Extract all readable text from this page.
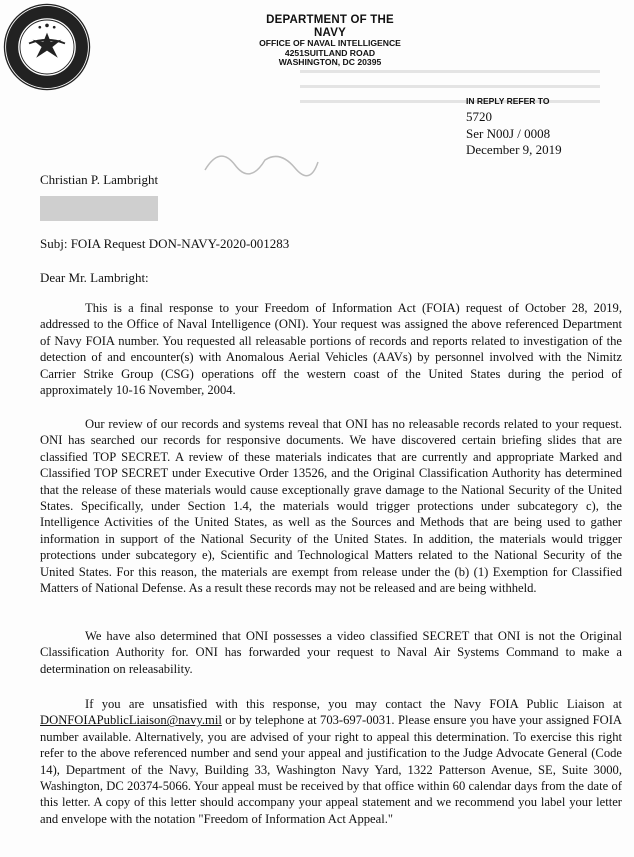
DEPARTMENT OF THE NAVY
OFFICE OF NAVAL INTELLIGENCE
4251SUITLAND ROAD
WASHINGTON, DC 20395
IN REPLY REFER TO
5720
Ser N00J / 0008
December 9, 2019
Christian P. Lambright
Subj: FOIA Request DON-NAVY-2020-001283
Dear Mr. Lambright:

This is a final response to your Freedom of Information Act (FOIA) request of October 28, 2019, addressed to the Office of Naval Intelligence (ONI). Your request was assigned the above referenced Department of Navy FOIA number. You requested all releasable portions of records and reports related to investigation of the detection of and encounter(s) with Anomalous Aerial Vehicles (AAVs) by personnel involved with the Nimitz Carrier Strike Group (CSG) operations off the western coast of the United States during the period of approximately 10-16 November, 2004.

Our review of our records and systems reveal that ONI has no releasable records related to your request. ONI has searched our records for responsive documents. We have discovered certain briefing slides that are classified TOP SECRET. A review of these materials indicates that are currently and appropriate Marked and Classified TOP SECRET under Executive Order 13526, and the Original Classification Authority has determined that the release of these materials would cause exceptionally grave damage to the National Security of the United States. Specifically, under Section 1.4, the materials would trigger protections under subcategory c), the Intelligence Activities of the United States, as well as the Sources and Methods that are being used to gather information in support of the National Security of the United States. In addition, the materials would trigger protections under subcategory e), Scientific and Technological Matters related to the National Security of the United States. For this reason, the materials are exempt from release under the (b) (1) Exemption for Classified Matters of National Defense. As a result these records may not be released and are being withheld.

We have also determined that ONI possesses a video classified SECRET that ONI is not the Original Classification Authority for. ONI has forwarded your request to Naval Air Systems Command to make a determination on releasability.

If you are unsatisfied with this response, you may contact the Navy FOIA Public Liaison at DONFOIAPublicLiaison@navy.mil or by telephone at 703-697-0031. Please ensure you have your assigned FOIA number available. Alternatively, you are advised of your right to appeal this determination. To exercise this right refer to the above referenced number and send your appeal and justification to the Judge Advocate General (Code 14), Department of the Navy, Building 33, Washington Navy Yard, 1322 Patterson Avenue, SE, Suite 3000, Washington, DC 20374-5066. Your appeal must be received by that office within 60 calendar days from the date of this letter. A copy of this letter should accompany your appeal statement and we recommend you label your letter and envelope with the notation "Freedom of Information Act Appeal."
